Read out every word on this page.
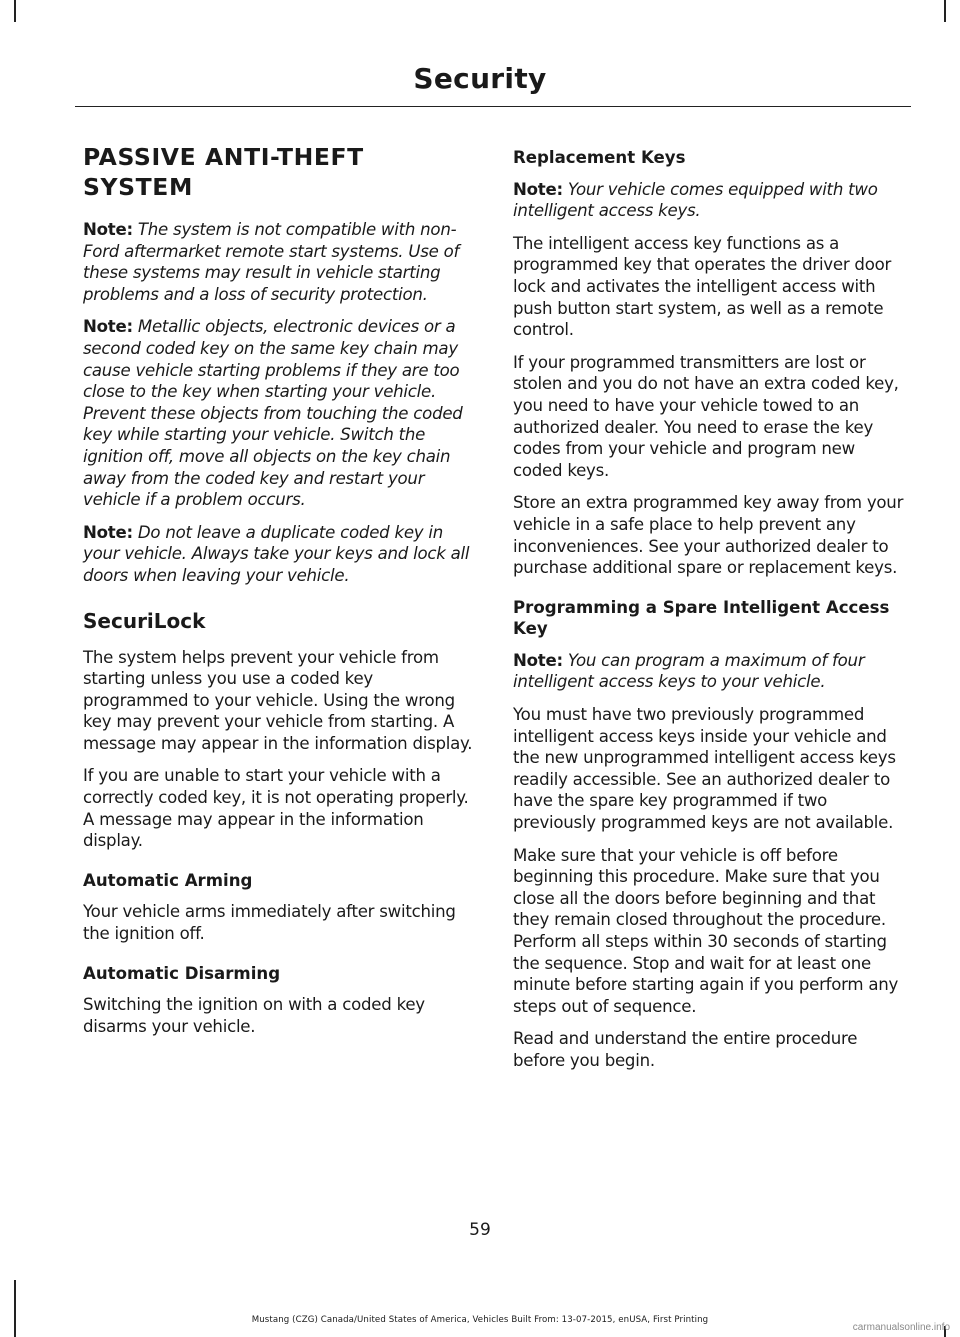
Security
PASSIVE ANTI-THEFT
SYSTEM

Note: The system is not compatible with non-Ford aftermarket remote start systems. Use of these systems may result in vehicle starting problems and a loss of security protection.

Note: Metallic objects, electronic devices or a second coded key on the same key chain may cause vehicle starting problems if they are too close to the key when starting your vehicle. Prevent these objects from touching the coded key while starting your vehicle. Switch the ignition off, move all objects on the key chain away from the coded key and restart your vehicle if a problem occurs.

Note: Do not leave a duplicate coded key in your vehicle. Always take your keys and lock all doors when leaving your vehicle.

SecuriLock

The system helps prevent your vehicle from starting unless you use a coded key programmed to your vehicle. Using the wrong key may prevent your vehicle from starting. A message may appear in the information display.

If you are unable to start your vehicle with a correctly coded key, it is not operating properly. A message may appear in the information display.

Automatic Arming

Your vehicle arms immediately after switching the ignition off.

Automatic Disarming

Switching the ignition on with a coded key disarms your vehicle.

Replacement Keys

Note: Your vehicle comes equipped with two intelligent access keys.

The intelligent access key functions as a programmed key that operates the driver door lock and activates the intelligent access with push button start system, as well as a remote control.

If your programmed transmitters are lost or stolen and you do not have an extra coded key, you need to have your vehicle towed to an authorized dealer. You need to erase the key codes from your vehicle and program new coded keys.

Store an extra programmed key away from your vehicle in a safe place to help prevent any inconveniences. See your authorized dealer to purchase additional spare or replacement keys.

Programming a Spare Intelligent Access Key

Note: You can program a maximum of four intelligent access keys to your vehicle.

You must have two previously programmed intelligent access keys inside your vehicle and the new unprogrammed intelligent access keys readily accessible. See an authorized dealer to have the spare key programmed if two previously programmed keys are not available.

Make sure that your vehicle is off before beginning this procedure. Make sure that you close all the doors before beginning and that they remain closed throughout the procedure. Perform all steps within 30 seconds of starting the sequence. Stop and wait for at least one minute before starting again if you perform any steps out of sequence.

Read and understand the entire procedure before you begin.

59
Mustang (CZG) Canada/United States of America, Vehicles Built From: 13-07-2015, enUSA, First Printing
carmanualsonline.info
